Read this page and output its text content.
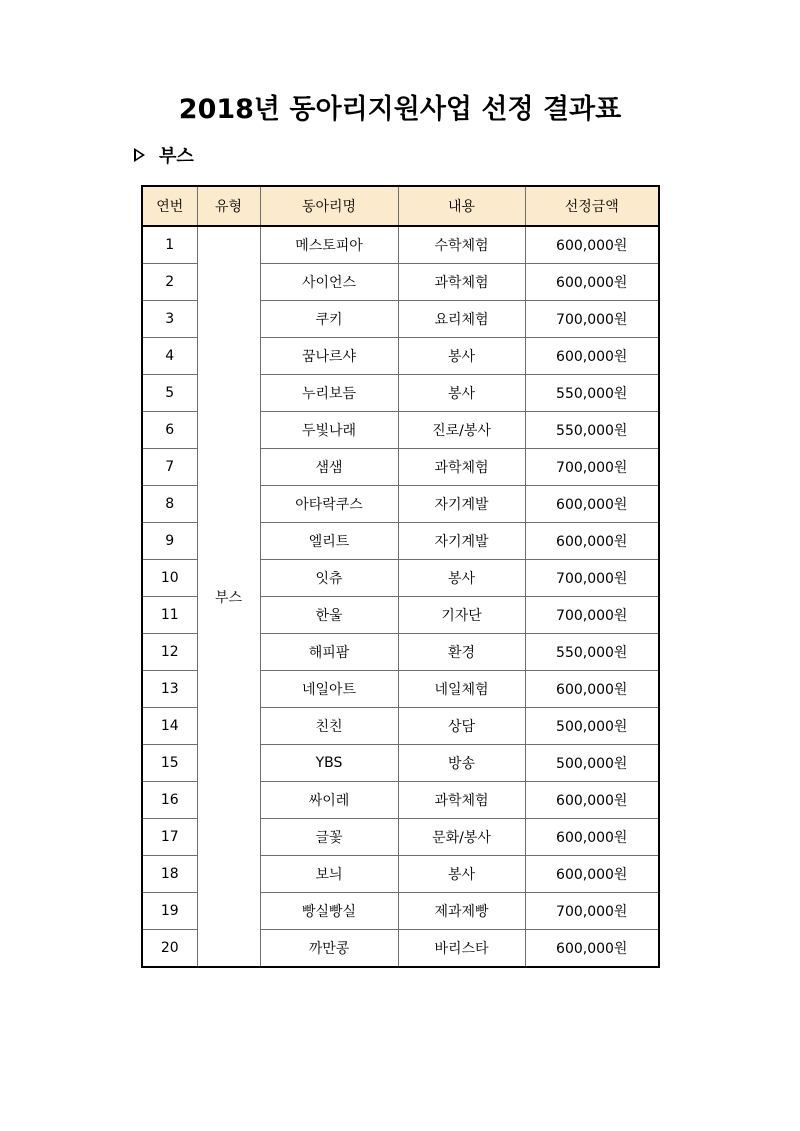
2018년 동아리지원사업 선정 결과표
부스
연번	유형	동아리명	내용	선정금액
1	부스	메스토피아	수학체험	600,000원
2		사이언스	과학체험	600,000원
3		쿠키	요리체험	700,000원
4		꿈나르샤	봉사	600,000원
5		누리보듬	봉사	550,000원
6		두빛나래	진로/봉사	550,000원
7		샘샘	과학체험	700,000원
8		아타락쿠스	자기계발	600,000원
9		엘리트	자기계발	600,000원
10		잇츄	봉사	700,000원
11		한울	기자단	700,000원
12		해피팜	환경	550,000원
13		네일아트	네일체험	600,000원
14		친친	상담	500,000원
15		YBS	방송	500,000원
16		싸이레	과학체험	600,000원
17		글꽃	문화/봉사	600,000원
18		보늬	봉사	600,000원
19		빵실빵실	제과제빵	700,000원
20		까만콩	바리스타	600,000원
